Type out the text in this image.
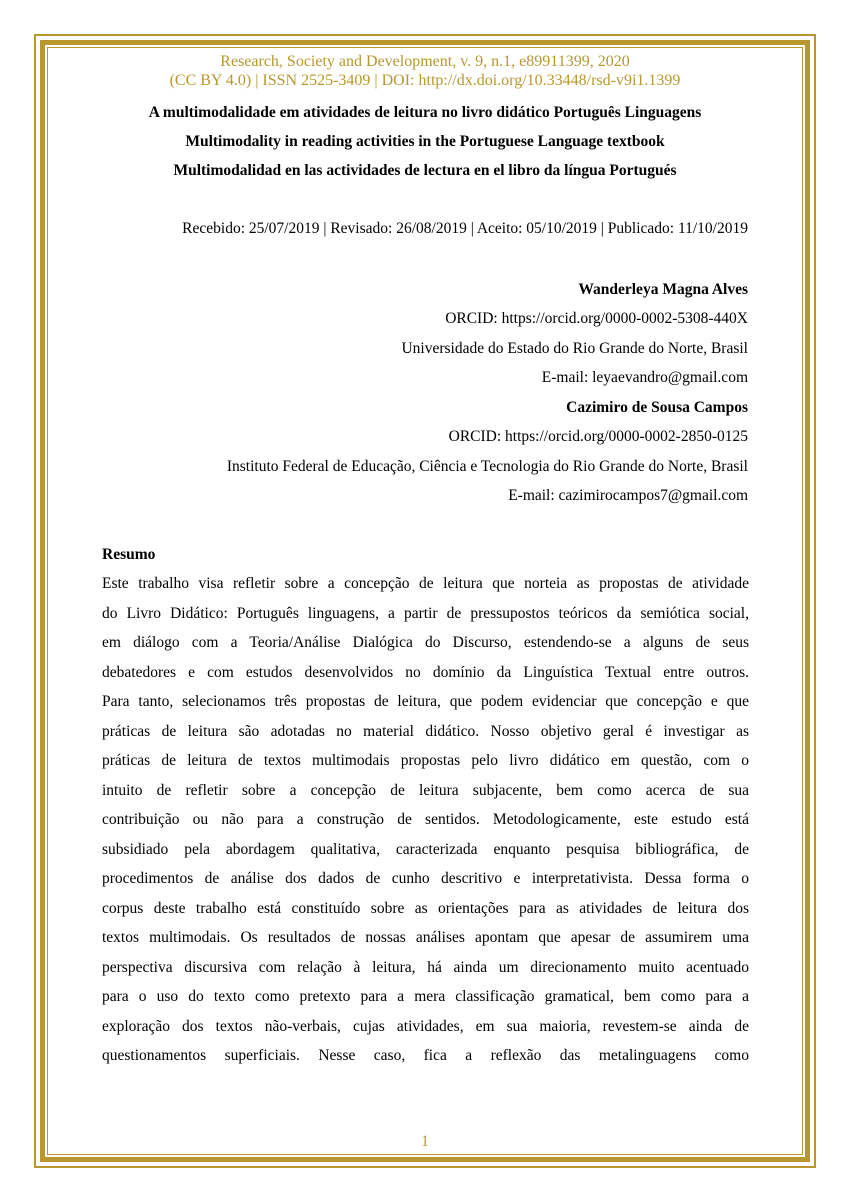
Research, Society and Development, v. 9, n.1, e89911399, 2020
(CC BY 4.0) | ISSN 2525-3409 | DOI: http://dx.doi.org/10.33448/rsd-v9i1.1399
A multimodalidade em atividades de leitura no livro didático Português Linguagens
Multimodality in reading activities in the Portuguese Language textbook
Multimodalidad en las actividades de lectura en el libro da língua Portugués
Recebido: 25/07/2019 | Revisado: 26/08/2019 | Aceito: 05/10/2019 | Publicado: 11/10/2019
Wanderleya Magna Alves
ORCID: https://orcid.org/0000-0002-5308-440X
Universidade do Estado do Rio Grande do Norte, Brasil
E-mail: leyaevandro@gmail.com
Cazimiro de Sousa Campos
ORCID: https://orcid.org/0000-0002-2850-0125
Instituto Federal de Educação, Ciência e Tecnologia do Rio Grande do Norte, Brasil
E-mail: cazimirocampos7@gmail.com
Resumo
Este trabalho visa refletir sobre a concepção de leitura que norteia as propostas de atividade
do Livro Didático: Português linguagens, a partir de pressupostos teóricos da semiótica social,
em diálogo com a Teoria/Análise Dialógica do Discurso, estendendo-se a alguns de seus
debatedores e com estudos desenvolvidos no domínio da Linguística Textual entre outros.
Para tanto, selecionamos três propostas de leitura, que podem evidenciar que concepção e que
práticas de leitura são adotadas no material didático. Nosso objetivo geral é investigar as
práticas de leitura de textos multimodais propostas pelo livro didático em questão, com o
intuito de refletir sobre a concepção de leitura subjacente, bem como acerca de sua
contribuição ou não para a construção de sentidos. Metodologicamente, este estudo está
subsidiado pela abordagem qualitativa, caracterizada enquanto pesquisa bibliográfica, de
procedimentos de análise dos dados de cunho descritivo e interpretativista. Dessa forma o
corpus deste trabalho está constituído sobre as orientações para as atividades de leitura dos
textos multimodais. Os resultados de nossas análises apontam que apesar de assumirem uma
perspectiva discursiva com relação à leitura, há ainda um direcionamento muito acentuado
para o uso do texto como pretexto para a mera classificação gramatical, bem como para a
exploração dos textos não-verbais, cujas atividades, em sua maioria, revestem-se ainda de
questionamentos superficiais. Nesse caso, fica a reflexão das metalinguagens como
1
